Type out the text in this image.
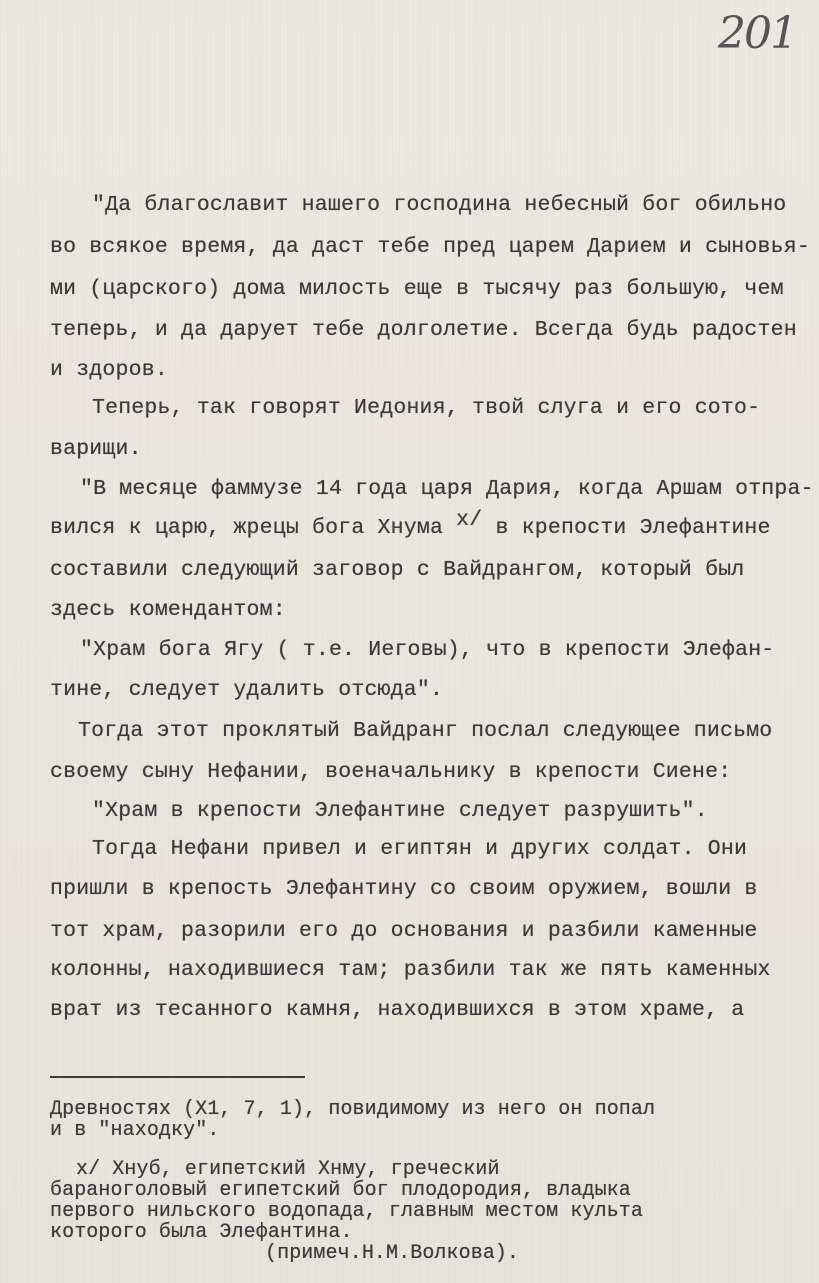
201
"Да благославит нашего господина небесный бог обильно
во всякое время, да даст тебе пред царем Дарием и сыновья-
ми (царского) дома милость еще в тысячу раз большую, чем
теперь, и да дарует тебе долголетие. Всегда будь радостен
и здоров.
Теперь, так говорят Иедония, твой слуга и его сото-
варищи.
"В месяце фаммузе 14 года царя Дария, когда Аршам отпра-
вился к царю, жрецы бога Хнума x/ в крепости Элефантине
составили следующий заговор с Вайдрангом, который был
здесь комендантом:
"Храм бога Ягу ( т.е. Иеговы), что в крепости Элефан-
тине, следует удалить отсюда".
Тогда этот проклятый Вайдранг послал следующее письмо
своему сыну Нефании, военачальнику в крепости Сиене:
"Храм в крепости Элефантине следует разрушить".
Тогда Нефани привел и египтян и других солдат. Они
пришли в крепость Элефантину со своим оружием, вошли в
тот храм, разорили его до основания и разбили каменные
колонны, находившиеся там; разбили так же пять каменных
врат из тесанного камня, находившихся в этом храме, а
Древностях (Х1, 7, 1), повидимому из него он попал
и в "находку".
х/ Хнуб, египетский Хнму, греческий
бараноголовый египетский бог плодородия, владыка
первого нильского водопада, главным местом культа
которого была Элефантина.
(примеч.Н.М.Волкова).
